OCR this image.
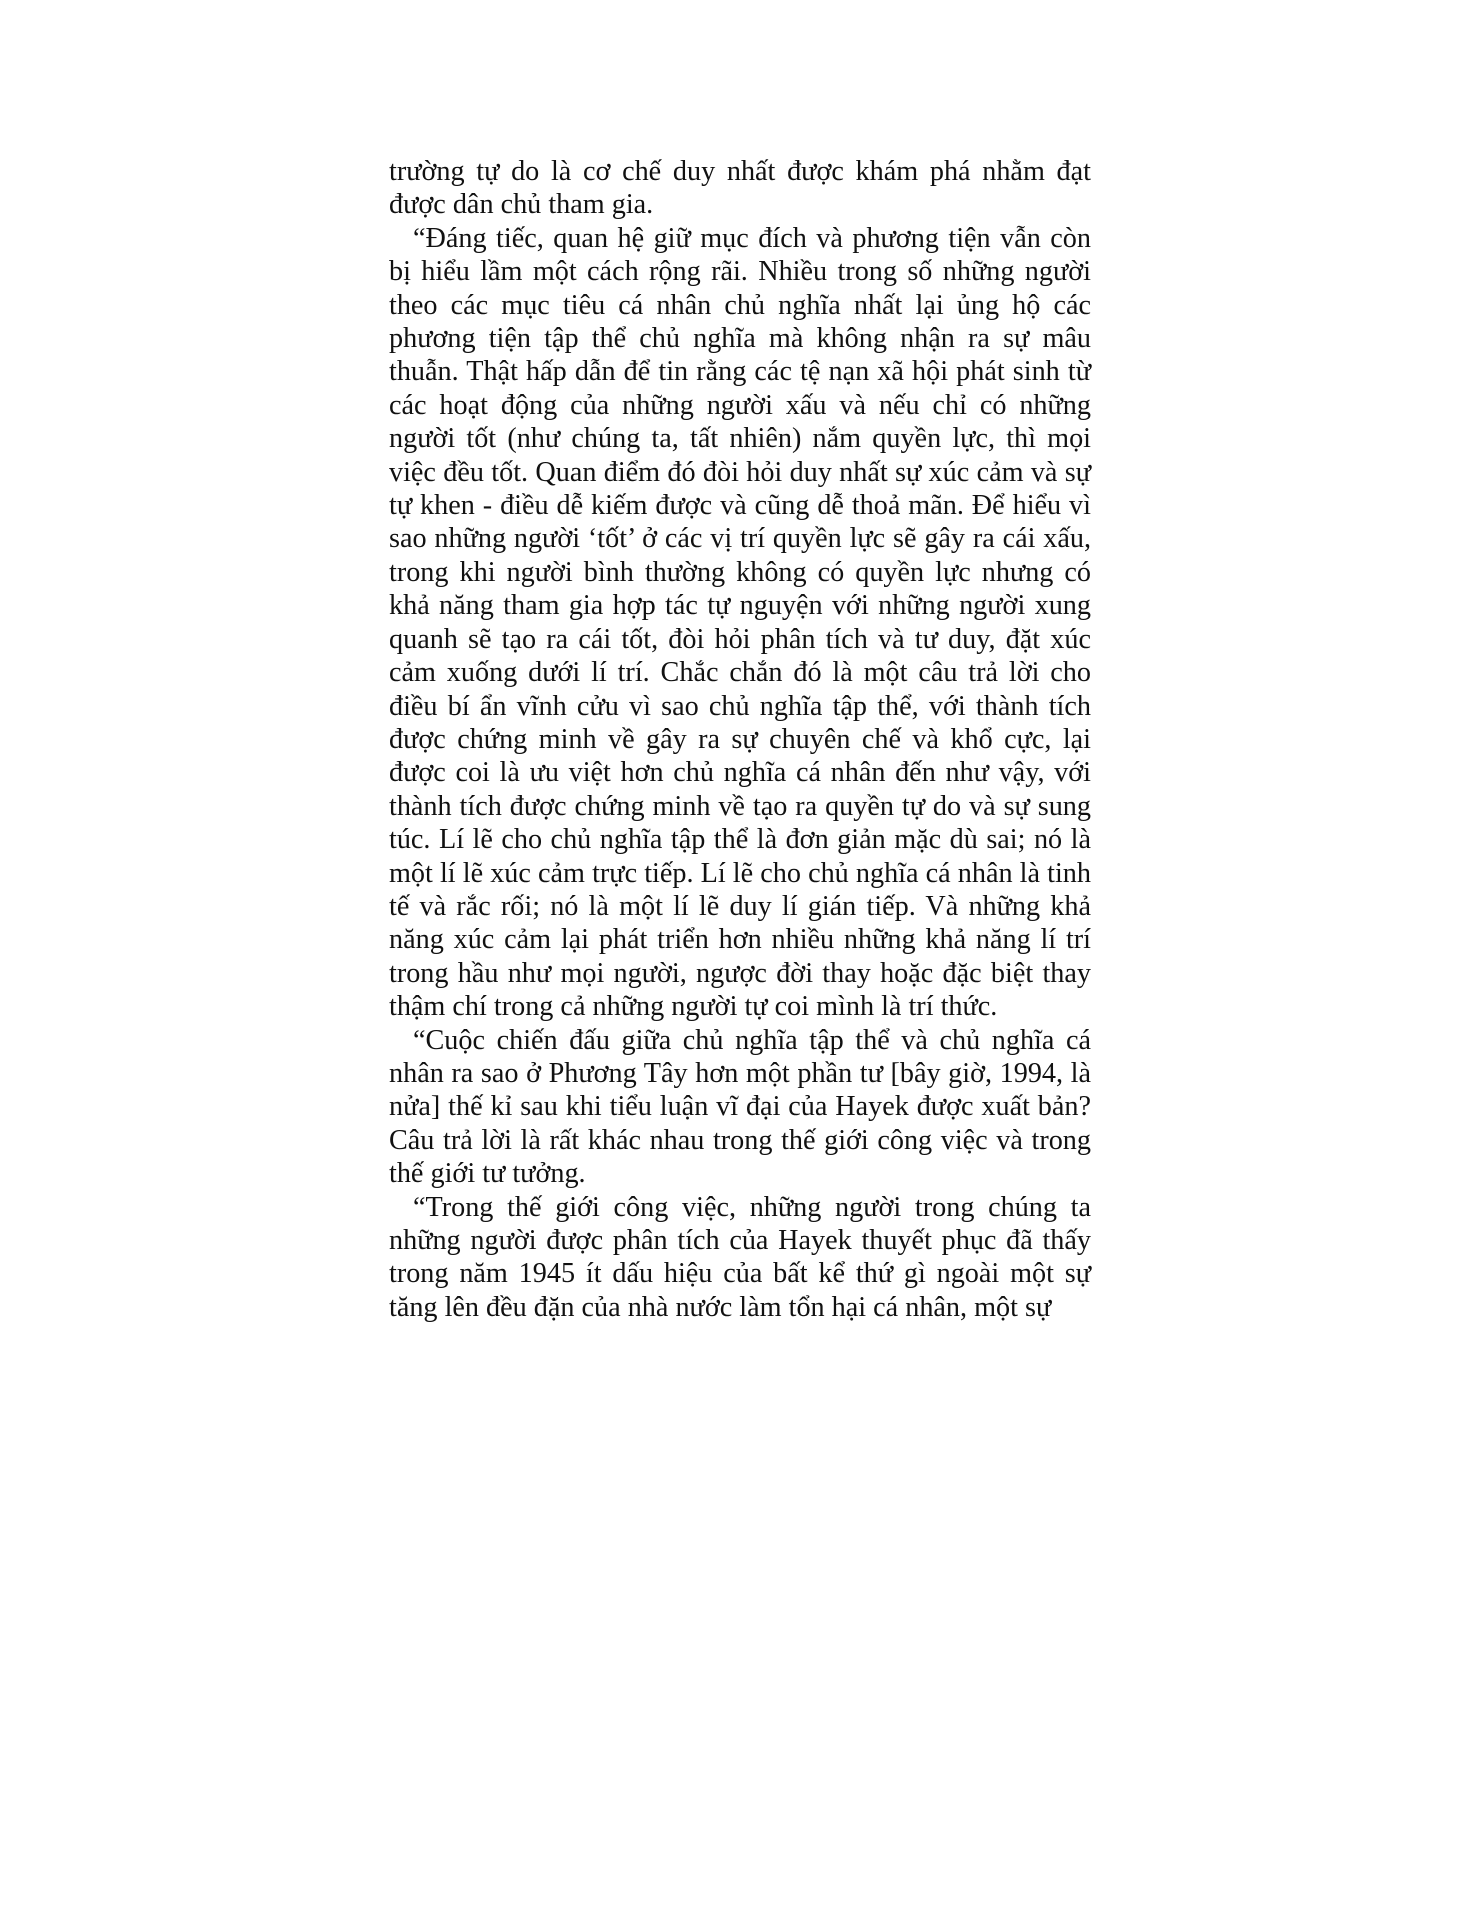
trường tự do là cơ chế duy nhất được khám phá nhằm đạt được dân chủ tham gia.

“Đáng tiếc, quan hệ giữ mục đích và phương tiện vẫn còn bị hiểu lầm một cách rộng rãi. Nhiều trong số những người theo các mục tiêu cá nhân chủ nghĩa nhất lại ủng hộ các phương tiện tập thể chủ nghĩa mà không nhận ra sự mâu thuẫn. Thật hấp dẫn để tin rằng các tệ nạn xã hội phát sinh từ các hoạt động của những người xấu và nếu chỉ có những người tốt (như chúng ta, tất nhiên) nắm quyền lực, thì mọi việc đều tốt. Quan điểm đó đòi hỏi duy nhất sự xúc cảm và sự tự khen - điều dễ kiếm được và cũng dễ thoả mãn. Để hiểu vì sao những người ‘tốt’ ở các vị trí quyền lực sẽ gây ra cái xấu, trong khi người bình thường không có quyền lực nhưng có khả năng tham gia hợp tác tự nguyện với những người xung quanh sẽ tạo ra cái tốt, đòi hỏi phân tích và tư duy, đặt xúc cảm xuống dưới lí trí. Chắc chắn đó là một câu trả lời cho điều bí ẩn vĩnh cửu vì sao chủ nghĩa tập thể, với thành tích được chứng minh về gây ra sự chuyên chế và khổ cực, lại được coi là ưu việt hơn chủ nghĩa cá nhân đến như vậy, với thành tích được chứng minh về tạo ra quyền tự do và sự sung túc. Lí lẽ cho chủ nghĩa tập thể là đơn giản mặc dù sai; nó là một lí lẽ xúc cảm trực tiếp. Lí lẽ cho chủ nghĩa cá nhân là tinh tế và rắc rối; nó là một lí lẽ duy lí gián tiếp. Và những khả năng xúc cảm lại phát triển hơn nhiều những khả năng lí trí trong hầu như mọi người, ngược đời thay hoặc đặc biệt thay thậm chí trong cả những người tự coi mình là trí thức.

“Cuộc chiến đấu giữa chủ nghĩa tập thể và chủ nghĩa cá nhân ra sao ở Phương Tây hơn một phần tư [bây giờ, 1994, là nửa] thế kỉ sau khi tiểu luận vĩ đại của Hayek được xuất bản? Câu trả lời là rất khác nhau trong thế giới công việc và trong thế giới tư tưởng.

“Trong thế giới công việc, những người trong chúng ta những người được phân tích của Hayek thuyết phục đã thấy trong năm 1945 ít dấu hiệu của bất kể thứ gì ngoài một sự tăng lên đều đặn của nhà nước làm tổn hại cá nhân, một sự
